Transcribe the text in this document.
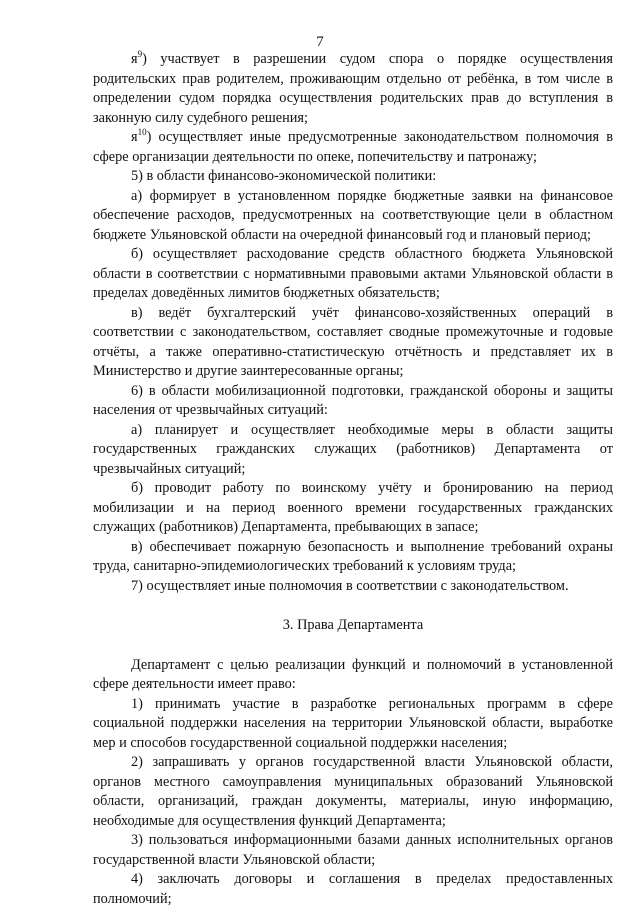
7

$я^9$) участвует в разрешении судом спора о порядке осуществления родительских прав родителем, проживающим отдельно от ребёнка, в том числе в определении судом порядка осуществления родительских прав до вступления в законную силу судебного решения;

$я^{10}$) осуществляет иные предусмотренные законодательством полномочия в сфере организации деятельности по опеке, попечительству и патронажу;

5) в области финансово-экономической политики:

а) формирует в установленном порядке бюджетные заявки на финансовое обеспечение расходов, предусмотренных на соответствующие цели в областном бюджете Ульяновской области на очередной финансовый год и плановый период;

б) осуществляет расходование средств областного бюджета Ульяновской области в соответствии с нормативными правовыми актами Ульяновской области в пределах доведённых лимитов бюджетных обязательств;

в) ведёт бухгалтерский учёт финансово-хозяйственных операций в соответствии с законодательством, составляет сводные промежуточные и годовые отчёты, а также оперативно-статистическую отчётность и представляет их в Министерство и другие заинтересованные органы;

6) в области мобилизационной подготовки, гражданской обороны и защиты населения от чрезвычайных ситуаций:

а) планирует и осуществляет необходимые меры в области защиты государственных гражданских служащих (работников) Департамента от чрезвычайных ситуаций;

б) проводит работу по воинскому учёту и бронированию на период мобилизации и на период военного времени государственных гражданских служащих (работников) Департамента, пребывающих в запасе;

в) обеспечивает пожарную безопасность и выполнение требований охраны труда, санитарно-эпидемиологических требований к условиям труда;

7) осуществляет иные полномочия в соответствии с законодательством.

3. Права Департамента

Департамент с целью реализации функций и полномочий в установленной сфере деятельности имеет право:

1) принимать участие в разработке региональных программ в сфере социальной поддержки населения на территории Ульяновской области, выработке мер и способов государственной социальной поддержки населения;

2) запрашивать у органов государственной власти Ульяновской области, органов местного самоуправления муниципальных образований Ульяновской области, организаций, граждан документы, материалы, иную информацию, необходимые для осуществления функций Департамента;

3) пользоваться информационными базами данных исполнительных органов государственной власти Ульяновской области;

4) заключать договоры и соглашения в пределах предоставленных полномочий;
